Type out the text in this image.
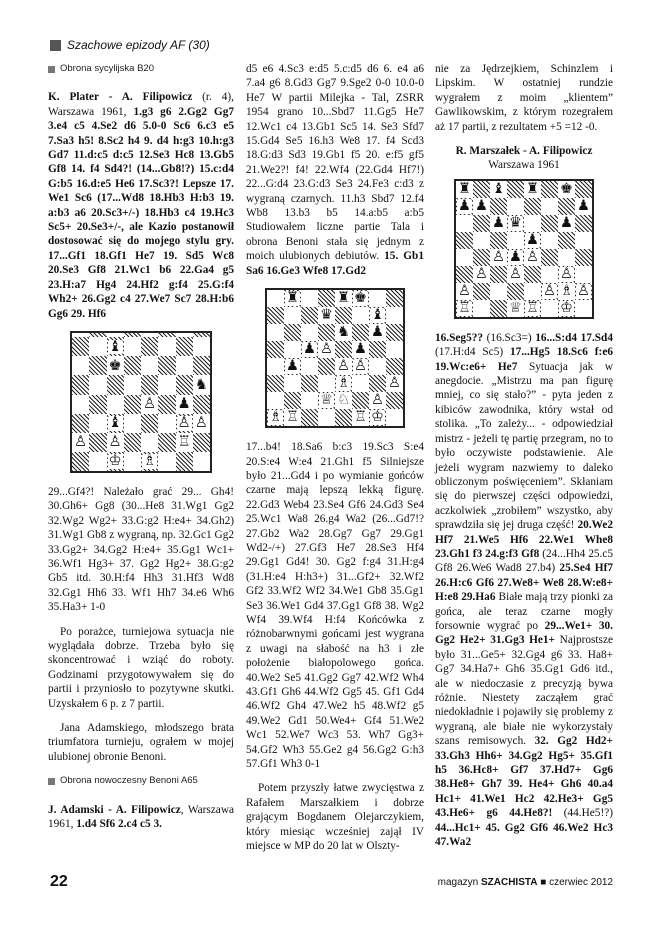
Szachowe epizody AF (30)
Obrona sycylijska B20

K. Plater - A. Filipowicz (r. 4), Warszawa 1961, 1.g3 g6 2.Gg2 Gg7 3.e4 c5 4.Se2 d6 5.0-0 Sc6 6.c3 e5 7.Sa3 h5! 8.Sc2 h4 9. d4 h:g3 10.h:g3 Gd7 11.d:c5 d:c5 12.Se3 Hc8 13.Gb5 Gf8 14. f4 Sd4?! (14...Gb8!?) 15.c:d4 G:b5 16.d:e5 He6 17.Sc3?! Lepsze 17. We1 Sc6 (17...Wd8 18.Hb3 H:b3 19. a:b3 a6 20.Sc3+/-) 18.Hb3 c4 19.Hc3 Sc5+ 20.Se3+/-, ale Kazio postanowił dostosować się do mojego stylu gry. 17...Gf1 18.Gf1 He7 19. Sd5 Wc8 20.Se3 Gf8 21.Wc1 b6 22.Ga4 g5 23.H:a7 Hg4 24.Hf2 g:f4 25.G:f4 Wh2+ 26.Gg2 c4 27.We7 Sc7 28.H:b6 Gg6 29. Hf6

♝
♚
♞
♙ ♟
♝	♙ ♙
♙ ♙	♖
♔ ♗

29...Gf4?! Należało grać 29... Gh4! 30.Gh6+ Gg8 (30...He8 31.Wg1 Gg2 32.Wg2 Wg2+ 33.G:g2 H:e4+ 34.Gh2) 31.Wg1 Gb8 z wygraną, np. 32.Gc1 Gg2 33.Gg2+ 34.Gg2 H:e4+ 35.Gg1 Wc1+ 36.Wf1 Hg3+ 37. Gg2 Hg2+ 38.G:g2 Gb5 itd. 30.H:f4 Hh3 31.Hf3 Wd8 32.Gg1 Hh6 33. Wf1 Hh7 34.e6 Wh6 35.Ha3+ 1-0

Po porażce, turniejowa sytuacja nie wyglądała dobrze. Trzeba było się skoncentrować i wziąć do roboty. Godzinami przygotowywałem się do partii i przyniosło to pozytywne skutki. Uzyskałem 6 p. z 7 partii.

Jana Adamskiego, młodszego brata triumfatora turnieju, ograłem w mojej ulubionej obronie Benoni.

Obrona nowoczesny Benoni A65

J. Adamski - A. Filipowicz, Warszawa 1961, 1.d4 Sf6 2.c4 c5 3.

d5 e6 4.Sc3 e:d5 5.c:d5 d6 6. e4 a6 7.a4 g6 8.Gd3 Gg7 9.Sge2 0-0 10.0-0 He7 W partii Milejka - Tal, ZSRR 1954 grano 10...Sbd7 11.Gg5 He7 12.Wc1 c4 13.Gb1 Sc5 14. Se3 Sfd7 15.Gd4 Se5 16.h3 We8 17. f4 Scd3 18.G:d3 Sd3 19.Gb1 f5 20. e:f5 gf5 21.We2?! f4! 22.Wf4 (22.Gd4 Hf7!) 22...G:d4 23.G:d3 Se3 24.Fe3 c:d3 z wygraną czarnych. 11.h3 Sbd7 12.f4 Wb8 13.b3 b5 14.a:b5 a:b5 Studiowałem liczne partie Tala i obrona Benoni stała się jednym z moich ulubionych debiutów. 15. Gb1 Sa6 16.Ge3 Wfe8 17.Gd2

♜	♜ ♚
♛	♝
♞ ♟
♟ ♙ ♟
♟	♙ ♙
♗	♙
♕ ♘ ♙
♗ ♖	♖ ♔

17...b4! 18.Sa6 b:c3 19.Sc3 S:e4 20.S:e4 W:e4 21.Gh1 f5 Silniejsze było 21...Gd4 i po wymianie gońców czarne mają lepszą lekką figurę. 22.Gd3 Web4 23.Se4 Gf6 24.Gd3 Se4 25.Wc1 Wa8 26.g4 Wa2 (26...Gd7!? 27.Gb2 Wa2 28.Gg7 Gg7 29.Gg1 Wd2-/+) 27.Gf3 He7 28.Se3 Hf4 29.Gg1 Gd4! 30. Gg2 f:g4 31.H:g4 (31.H:e4 H:h3+) 31...Gf2+ 32.Wf2 Gf2 33.Wf2 Wf2 34.We1 Gb8 35.Gg1 Se3 36.We1 Gd4 37.Gg1 Gf8 38. Wg2 Wf4 39.Wf4 H:f4 Końcówka z różnobarwnymi gońcami jest wygrana z uwagi na słabość na h3 i złe położenie białopolowego gońca. 40.We2 Se5 41.Gg2 Gg7 42.Wf2 Wh4 43.Gf1 Gh6 44.Wf2 Gg5 45. Gf1 Gd4 46.Wf2 Gh4 47.We2 h5 48.Wf2 g5 49.We2 Gd1 50.We4+ Gf4 51.We2 Wc1 52.We7 Wc3 53. Wh7 Gg3+ 54.Gf2 Wh3 55.Ge2 g4 56.Gg2 G:h3 57.Gf1 Wh3 0-1

Potem przyszły łatwe zwycięstwa z Rafałem Marszałkiem i dobrze grającym Bogdanem Olejarczykiem, który miesiąc wcześniej zajął IV miejsce w MP do 20 lat w Olszty-

nie za Jędrzejkiem, Schinzlem i Lipskim. W ostatniej rundzie wygrałem z moim „klientem” Gawlikowskim, z którym rozegrałem aż 17 partii, z rezultatem +5 =12 -0.

R. Marszałek - A. Filipowicz
Warszawa 1961
♜ ♝ ♜ ♚
♟ ♟	♟
♟ ♛	♟
♟
♙ ♟ ♙
♙ ♙	♙
♙	♙ ♗ ♙
♖	♕ ♖ ♔

16.Seg5?? (16.Sc3=) 16...S:d4 17.Sd4 (17.H:d4 Sc5) 17...Hg5 18.Sc6 f:e6 19.Wc:e6+ He7 Sytuacja jak w anegdocie. „Mistrzu ma pan figurę mniej, co się stało?” - pyta jeden z kibiców zawodnika, który wstał od stolika. „To zależy... - odpowiedział mistrz - jeżeli tę partię przegram, no to było oczywiste podstawienie. Ale jeżeli wygram nazwiemy to daleko obliczonym poświęceniem”. Skłaniam się do pierwszej części odpowiedzi, aczkolwiek „zrobiłem” wszystko, aby sprawdziła się jej druga część! 20.We2 Hf7 21.We5 Hf6 22.We1 Whe8 23.Gh1 f3 24.g:f3 Gf8 (24...Hh4 25.c5 Gf8 26.We6 Wad8 27.b4) 25.Se4 Hf7 26.H:c6 Gf6 27.We8+ We8 28.W:e8+ H:e8 29.Ha6 Białe mają trzy pionki za gońca, ale teraz czarne mogły forsownie wygrać po 29...We1+ 30. Gg2 He2+ 31.Gg3 He1+ Najprostsze było 31...Ge5+ 32.Gg4 g6 33. Ha8+ Gg7 34.Ha7+ Gh6 35.Gg1 Gd6 itd., ale w niedoczasie z precyzją bywa różnie. Niestety zacząłem grać niedokładnie i pojawiły się problemy z wygraną, ale białe nie wykorzystały szans remisowych. 32. Gg2 Hd2+ 33.Gh3 Hh6+ 34.Gg2 Hg5+ 35.Gf1 h5 36.Hc8+ Gf7 37.Hd7+ Gg6 38.He8+ Gh7 39. He4+ Gh6 40.a4 Hc1+ 41.We1 Hc2 42.He3+ Gg5 43.He6+ g6 44.He8?! (44.He5!?) 44...Hc1+ 45. Gg2 Gf6 46.We2 Hc3 47.Wa2

22	magazyn SZACHISTA ■ czerwiec 2012
